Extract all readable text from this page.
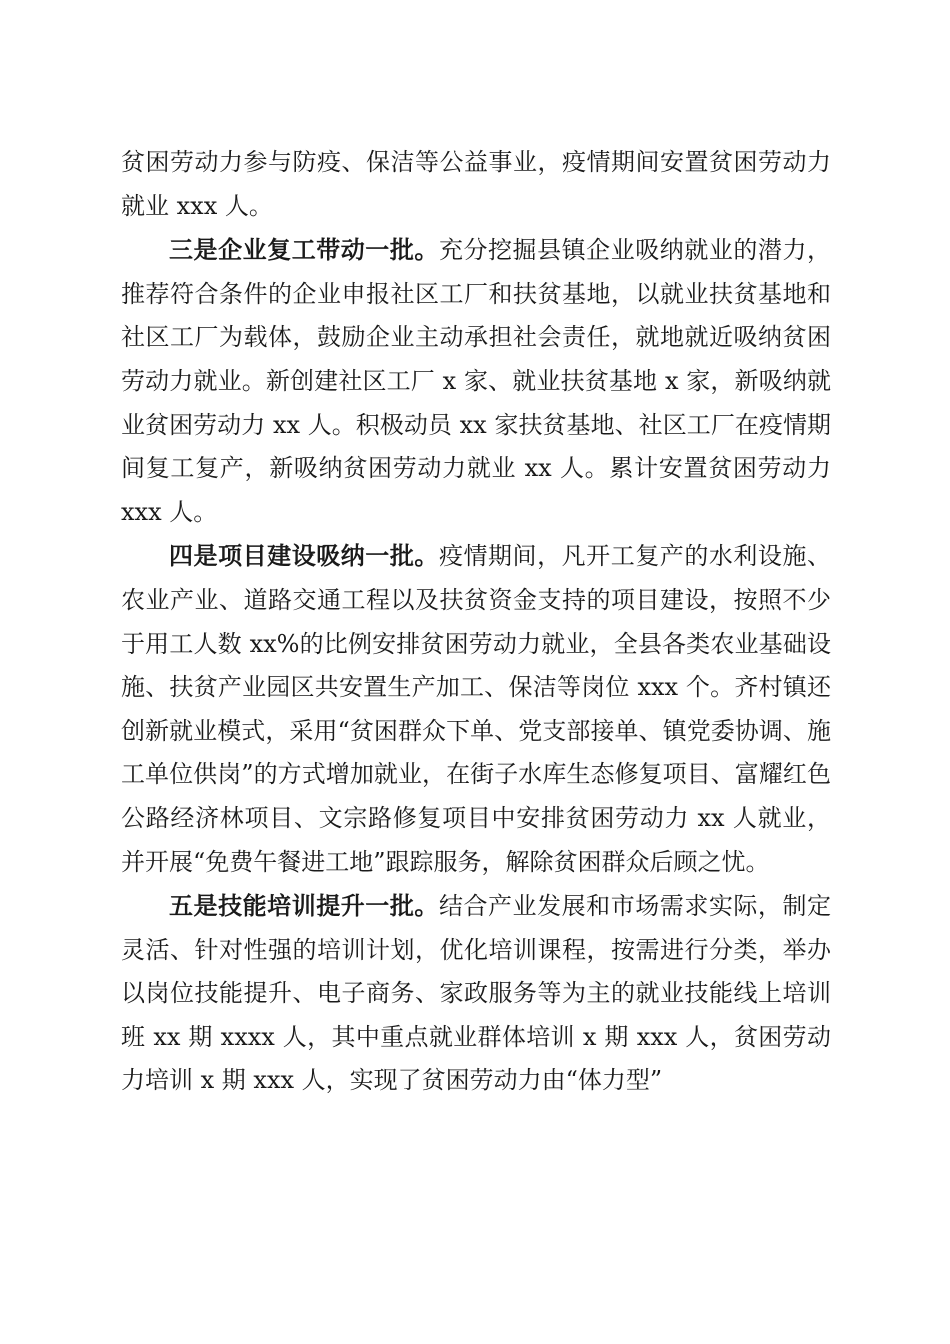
贫困劳动力参与防疫、保洁等公益事业，疫情期间安置贫困劳动力就业 xxx 人。

三是企业复工带动一批。充分挖掘县镇企业吸纳就业的潜力，推荐符合条件的企业申报社区工厂和扶贫基地，以就业扶贫基地和社区工厂为载体，鼓励企业主动承担社会责任，就地就近吸纳贫困劳动力就业。新创建社区工厂 x 家、就业扶贫基地 x 家，新吸纳就业贫困劳动力 xx 人。积极动员 xx 家扶贫基地、社区工厂在疫情期间复工复产，新吸纳贫困劳动力就业 xx 人。累计安置贫困劳动力 xxx 人。

四是项目建设吸纳一批。疫情期间，凡开工复产的水利设施、农业产业、道路交通工程以及扶贫资金支持的项目建设，按照不少于用工人数 xx%的比例安排贫困劳动力就业，全县各类农业基础设施、扶贫产业园区共安置生产加工、保洁等岗位 xxx 个。齐村镇还创新就业模式，采用“贫困群众下单、党支部接单、镇党委协调、施工单位供岗”的方式增加就业，在街子水库生态修复项目、富耀红色公路经济林项目、文宗路修复项目中安排贫困劳动力 xx 人就业，并开展“免费午餐进工地”跟踪服务，解除贫困群众后顾之忧。

五是技能培训提升一批。结合产业发展和市场需求实际，制定灵活、针对性强的培训计划，优化培训课程，按需进行分类，举办以岗位技能提升、电子商务、家政服务等为主的就业技能线上培训班 xx 期 xxxx 人，其中重点就业群体培训 x 期 xxx 人，贫困劳动力培训 x 期 xxx 人，实现了贫困劳动力由“体力型”
